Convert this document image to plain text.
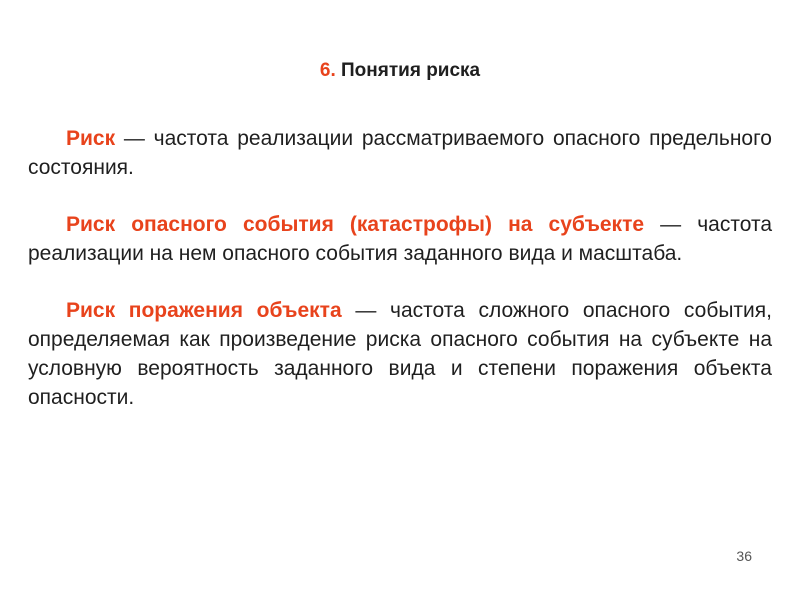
6. Понятия риска

Риск — частота реализации рассматриваемого опасного предельного состояния.

Риск опасного события (катастрофы) на субъекте — частота реализации на нем опасного события заданного вида и масштаба.

Риск поражения объекта — частота сложного опасного события, определяемая как произведение риска опасного события на субъекте на условную вероятность заданного вида и степени поражения объекта опасности.

36
